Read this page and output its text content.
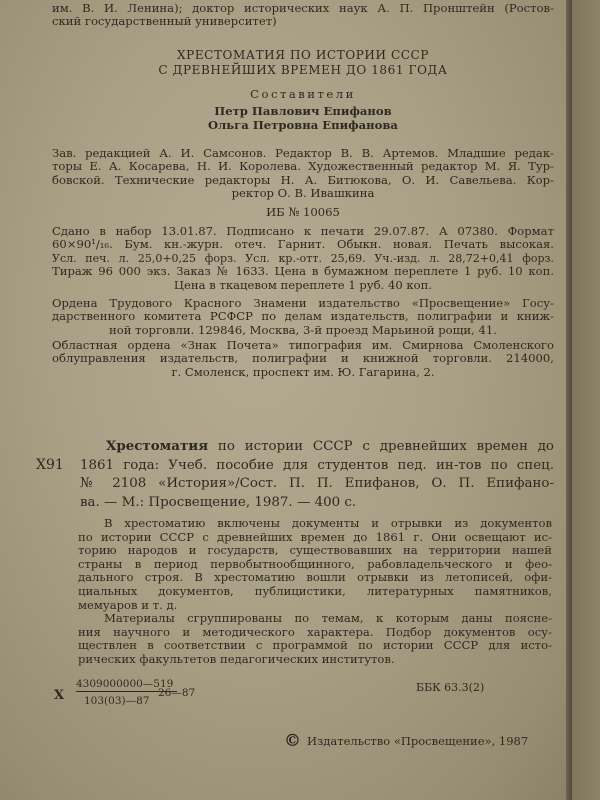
им. В. И. Ленина); доктор исторических наук А. П. Пронштейн (Ростов-
ский государственный университет)
ХРЕСТОМАТИЯ ПО ИСТОРИИ СССР
С ДРЕВНЕЙШИХ ВРЕМЕН ДО 1861 ГОДА
Составители
Петр Павлович Епифанов
Ольга Петровна Епифанова
Зав. редакцией А. И. Самсонов. Редактор В. В. Артемов. Младшие редак-
торы Е. А. Косарева, Н. И. Королева. Художественный редактор М. Я. Тур-
бовской. Технические редакторы Н. А. Битюкова, О. И. Савельева. Кор-
ректор О. В. Ивашкина
ИБ № 10065
Сдано в набор 13.01.87. Подписано к печати 29.07.87. А 07380. Формат
60×90¹/₁₆. Бум. кн.-журн. отеч. Гарнит. Обыкн. новая. Печать высокая.
Усл. печ. л. 25,0+0,25 форз. Усл. кр.-отт. 25,69. Уч.-изд. л. 28,72+0,41 форз.
Тираж 96 000 экз. Заказ № 1633. Цена в бумажном переплете 1 руб. 10 коп.
Цена в ткацевом переплете 1 руб. 40 коп.
Ордена Трудового Красного Знамени издательство «Просвещение» Госу-
дарственного комитета РСФСР по делам издательств, полиграфии и книж-
ной торговли. 129846, Москва, 3-й проезд Марьиной рощи, 41.
Областная ордена «Знак Почета» типография им. Смирнова Смоленского
облуправления издательств, полиграфии и книжной торговли. 214000,
г. Смоленск, проспект им. Ю. Гагарина, 2.
Х91
Хрестоматия по истории СССР с древнейших времен до
1861 года: Учеб. пособие для студентов пед. ин-тов по спец.
№ 2108 «История»/Сост. П. П. Епифанов, О. П. Епифано-
ва. — М.: Просвещение, 1987. — 400 с.
В хрестоматию включены документы и отрывки из документов
по истории СССР с древнейших времен до 1861 г. Они освещают ис-
торию народов и государств, существовавших на территории нашей
страны в период первобытнообщинного, рабовладельческого и фео-
дального строя. В хрестоматию вошли отрывки из летописей, офи-
циальных документов, публицистики, литературных памятников,
мемуаров и т. д.
Материалы сгруппированы по темам, к которым даны поясне-
ния научного и методического характера. Подбор документов осу-
ществлен в соответствии с программой по истории СССР для исто-
рических факультетов педагогических институтов.
Х
4309000000—519
103(03)—87
26—87	ББК 63.3(2)
© Издательство «Просвещение», 1987
